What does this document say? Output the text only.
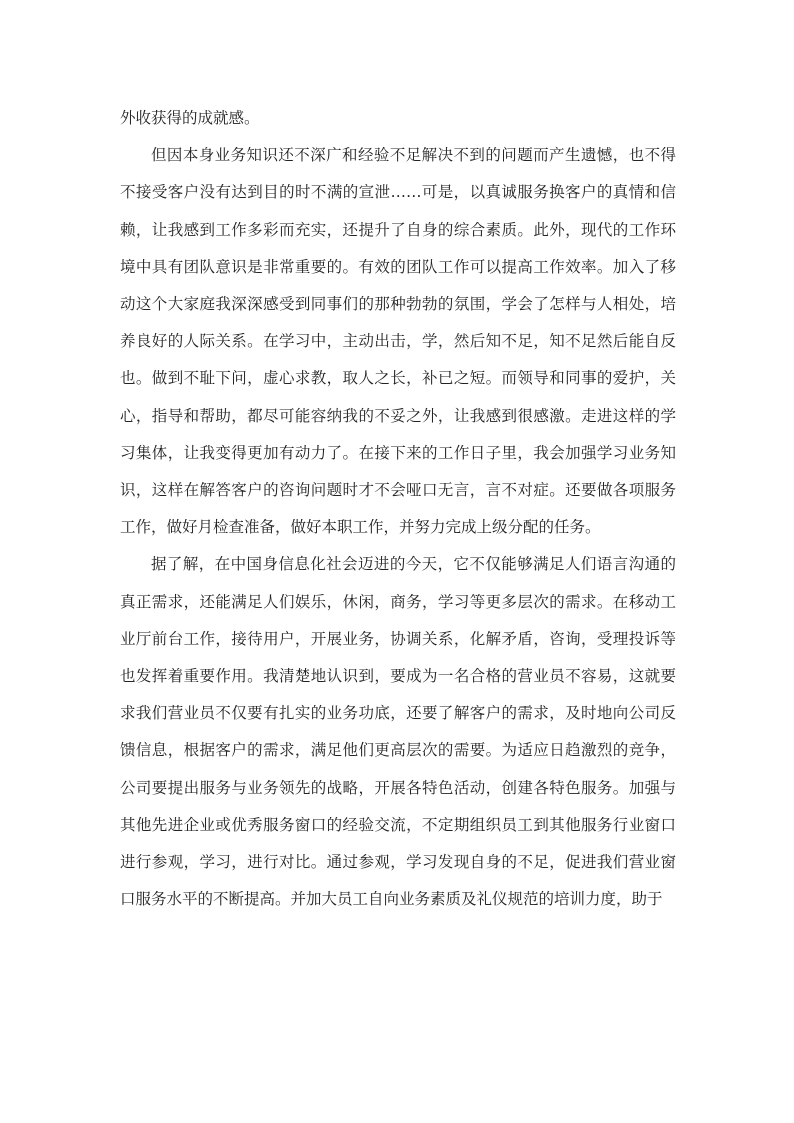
外收获得的成就感。

但因本身业务知识还不深广和经验不足解决不到的问题而产生遗憾，也不得不接受客户没有达到目的时不满的宣泄……可是，以真诚服务换客户的真情和信赖，让我感到工作多彩而充实，还提升了自身的综合素质。此外，现代的工作环境中具有团队意识是非常重要的。有效的团队工作可以提高工作效率。加入了移动这个大家庭我深深感受到同事们的那种勃勃的氛围，学会了怎样与人相处，培养良好的人际关系。在学习中，主动出击，学，然后知不足，知不足然后能自反也。做到不耻下问，虚心求教，取人之长，补已之短。而领导和同事的爱护，关心，指导和帮助，都尽可能容纳我的不妥之外，让我感到很感激。走进这样的学习集体，让我变得更加有动力了。在接下来的工作日子里，我会加强学习业务知识，这样在解答客户的咨询问题时才不会哑口无言，言不对症。还要做各项服务工作，做好月检查准备，做好本职工作，并努力完成上级分配的任务。

据了解，在中国身信息化社会迈进的今天，它不仅能够满足人们语言沟通的真正需求，还能满足人们娱乐，休闲，商务，学习等更多层次的需求。在移动工业厅前台工作，接待用户，开展业务，协调关系，化解矛盾，咨询，受理投诉等也发挥着重要作用。我清楚地认识到，要成为一名合格的营业员不容易，这就要求我们营业员不仅要有扎实的业务功底，还要了解客户的需求，及时地向公司反馈信息，根据客户的需求，满足他们更高层次的需要。为适应日趋激烈的竞争，公司要提出服务与业务领先的战略，开展各特色活动，创建各特色服务。加强与其他先进企业或优秀服务窗口的经验交流，不定期组织员工到其他服务行业窗口进行参观，学习，进行对比。通过参观，学习发现自身的不足，促进我们营业窗口服务水平的不断提高。并加大员工自向业务素质及礼仪规范的培训力度，助于
